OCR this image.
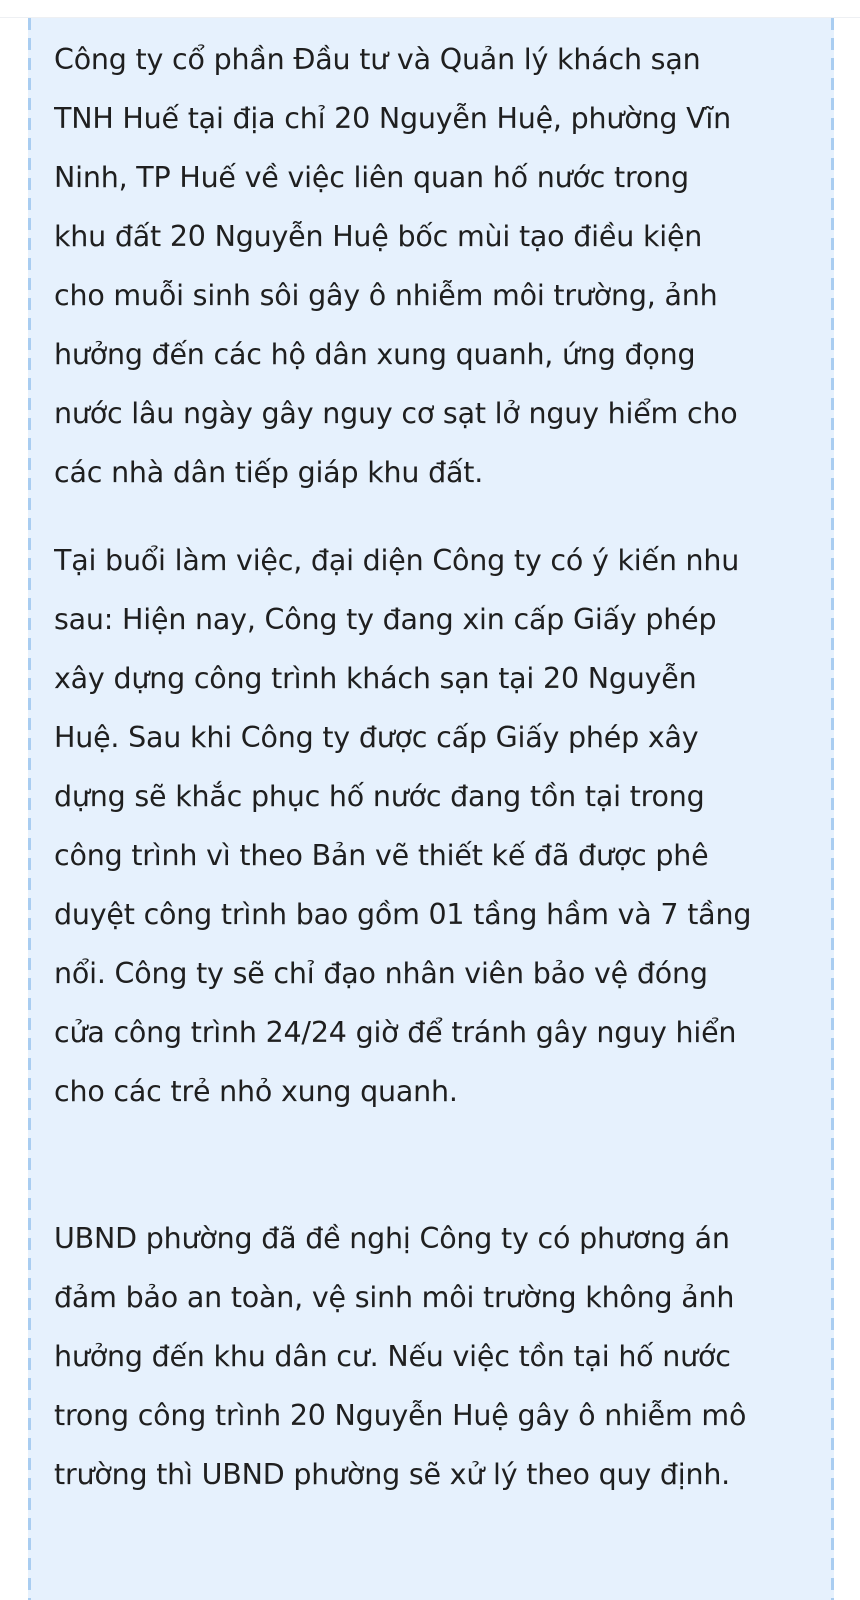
Công ty cổ phần Đầu tư và Quản lý khách sạn
TNH Huế tại địa chỉ 20 Nguyễn Huệ, phường Vĩn
Ninh, TP Huế về việc liên quan hố nước trong
khu đất 20 Nguyễn Huệ bốc mùi tạo điều kiện
cho muỗi sinh sôi gây ô nhiễm môi trường, ảnh
hưởng đến các hộ dân xung quanh, ứng đọng
nước lâu ngày gây nguy cơ sạt lở nguy hiểm cho
các nhà dân tiếp giáp khu đất.

Tại buổi làm việc, đại diện Công ty có ý kiến nhu
sau: Hiện nay, Công ty đang xin cấp Giấy phép
xây dựng công trình khách sạn tại 20 Nguyễn
Huệ. Sau khi Công ty được cấp Giấy phép xây
dựng sẽ khắc phục hố nước đang tồn tại trong
công trình vì theo Bản vẽ thiết kế đã được phê
duyệt công trình bao gồm 01 tầng hầm và 7 tầng
nổi. Công ty sẽ chỉ đạo nhân viên bảo vệ đóng
cửa công trình 24/24 giờ để tránh gây nguy hiển
cho các trẻ nhỏ xung quanh.

UBND phường đã đề nghị Công ty có phương án
đảm bảo an toàn, vệ sinh môi trường không ảnh
hưởng đến khu dân cư. Nếu việc tồn tại hố nước
trong công trình 20 Nguyễn Huệ gây ô nhiễm mô
trường thì UBND phường sẽ xử lý theo quy định.
